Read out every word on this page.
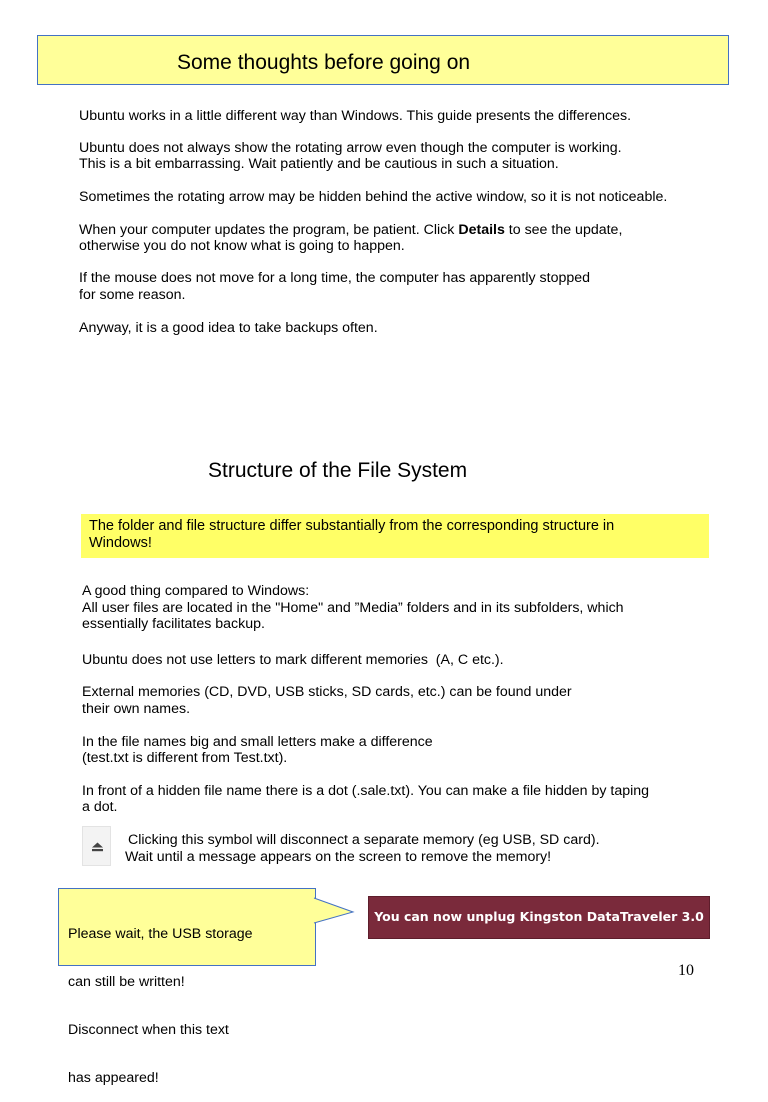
Some thoughts before going on
Ubuntu works in a little different way than Windows. This guide presents the differences.
Ubuntu does not always show the rotating arrow even though the computer is working.
This is a bit embarrassing. Wait patiently and be cautious in such a situation.
Sometimes the rotating arrow may be hidden behind the active window, so it is not noticeable.
When your computer updates the program, be patient. Click Details to see the update,
otherwise you do not know what is going to happen.
If the mouse does not move for a long time, the computer has apparently stopped
for some reason.
Anyway, it is a good idea to take backups often.
Structure of the File System
The folder and file structure differ substantially from the corresponding structure in
Windows!
A good thing compared to Windows:
All user files are located in the "Home" and ”Media” folders and in its subfolders, which
essentially facilitates backup.
Ubuntu does not use letters to mark different memories  (A, C etc.).
External memories (CD, DVD, USB sticks, SD cards, etc.) can be found under
their own names.
In the file names big and small letters make a difference
(test.txt is different from Test.txt).
In front of a hidden file name there is a dot (.sale.txt). You can make a file hidden by taping
a dot.
Clicking this symbol will disconnect a separate memory (eg USB, SD card).
Wait until a message appears on the screen to remove the memory!

Please wait, the USB storage

can still be written!

Disconnect when this text

has appeared!

You can now unplug Kingston DataTraveler 3.0
10
